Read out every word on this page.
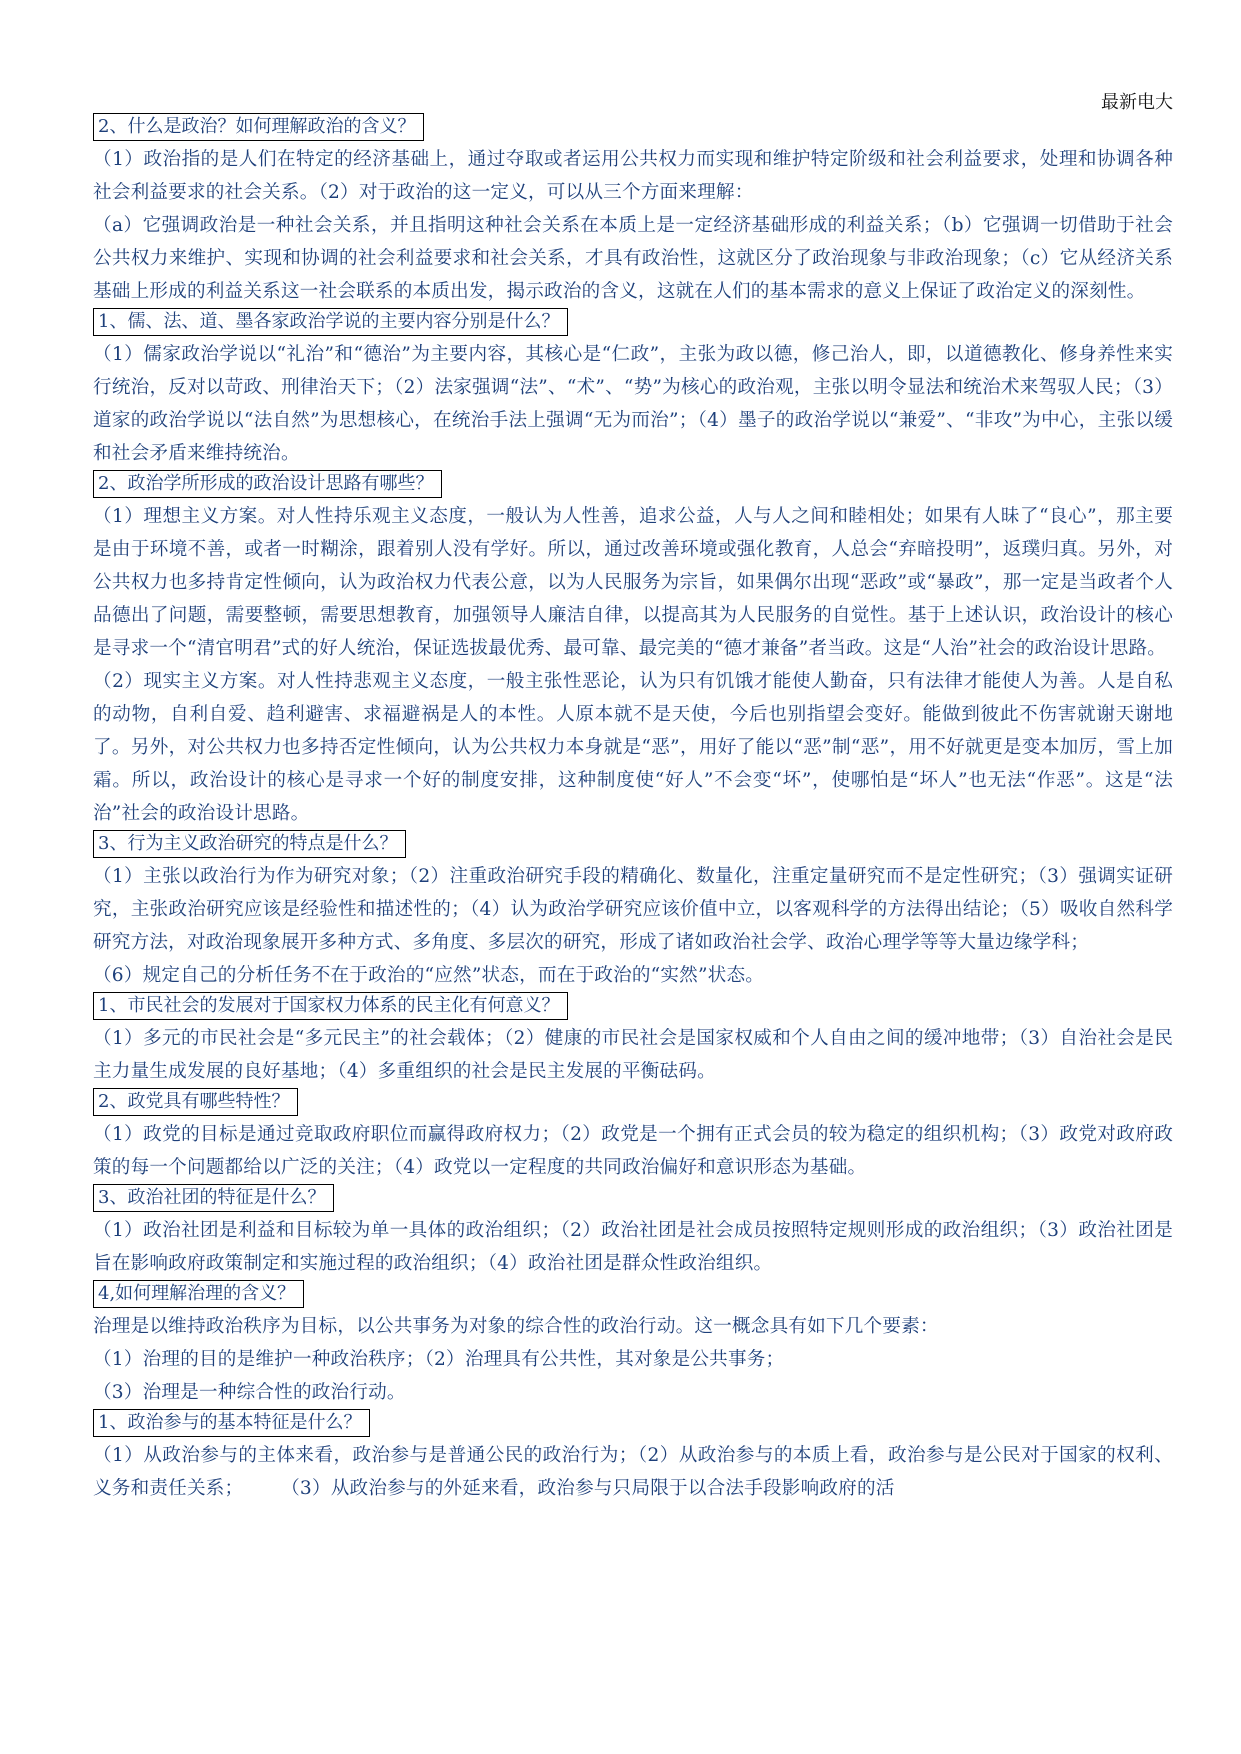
最新电大
2、什么是政治？如何理解政治的含义？

（1）政治指的是人们在特定的经济基础上，通过夺取或者运用公共权力而实现和维护特定阶级和社会利益要求，处理和协调各种社会利益要求的社会关系。（2）对于政治的这一定义，可以从三个方面来理解：

（a）它强调政治是一种社会关系，并且指明这种社会关系在本质上是一定经济基础形成的利益关系；（b）它强调一切借助于社会公共权力来维护、实现和协调的社会利益要求和社会关系，才具有政治性，这就区分了政治现象与非政治现象；（c）它从经济关系基础上形成的利益关系这一社会联系的本质出发，揭示政治的含义，这就在人们的基本需求的意义上保证了政治定义的深刻性。

1、儒、法、道、墨各家政治学说的主要内容分别是什么？

（1）儒家政治学说以“礼治”和“德治”为主要内容，其核心是“仁政”，主张为政以德，修己治人，即，以道德教化、修身养性来实行统治，反对以苛政、刑律治天下；（2）法家强调“法”、“术”、“势”为核心的政治观，主张以明令显法和统治术来驾驭人民；（3）道家的政治学说以“法自然”为思想核心，在统治手法上强调“无为而治”；（4）墨子的政治学说以“兼爱”、“非攻”为中心，主张以缓和社会矛盾来维持统治。

2、政治学所形成的政治设计思路有哪些？

（1）理想主义方案。对人性持乐观主义态度，一般认为人性善，追求公益，人与人之间和睦相处；如果有人昧了“良心”，那主要是由于环境不善，或者一时糊涂，跟着别人没有学好。所以，通过改善环境或强化教育，人总会“弃暗投明”，返璞归真。另外，对公共权力也多持肯定性倾向，认为政治权力代表公意，以为人民服务为宗旨，如果偶尔出现“恶政”或“暴政”，那一定是当政者个人品德出了问题，需要整顿，需要思想教育，加强领导人廉洁自律，以提高其为人民服务的自觉性。基于上述认识，政治设计的核心是寻求一个“清官明君”式的好人统治，保证选拔最优秀、最可靠、最完美的“德才兼备”者当政。这是“人治”社会的政治设计思路。

（2）现实主义方案。对人性持悲观主义态度，一般主张性恶论，认为只有饥饿才能使人勤奋，只有法律才能使人为善。人是自私的动物，自利自爱、趋利避害、求福避祸是人的本性。人原本就不是天使，今后也别指望会变好。能做到彼此不伤害就谢天谢地了。另外，对公共权力也多持否定性倾向，认为公共权力本身就是“恶”，用好了能以“恶”制“恶”，用不好就更是变本加厉，雪上加霜。所以，政治设计的核心是寻求一个好的制度安排，这种制度使“好人”不会变“坏”，使哪怕是“坏人”也无法“作恶”。这是“法治”社会的政治设计思路。

3、行为主义政治研究的特点是什么？

（1）主张以政治行为作为研究对象；（2）注重政治研究手段的精确化、数量化，注重定量研究而不是定性研究；（3）强调实证研究，主张政治研究应该是经验性和描述性的；（4）认为政治学研究应该价值中立，以客观科学的方法得出结论；（5）吸收自然科学研究方法，对政治现象展开多种方式、多角度、多层次的研究，形成了诸如政治社会学、政治心理学等等大量边缘学科；

（6）规定自己的分析任务不在于政治的“应然”状态，而在于政治的“实然”状态。

1、市民社会的发展对于国家权力体系的民主化有何意义？

（1）多元的市民社会是“多元民主”的社会载体；（2）健康的市民社会是国家权威和个人自由之间的缓冲地带；（3）自治社会是民主力量生成发展的良好基地；（4）多重组织的社会是民主发展的平衡砝码。

2、政党具有哪些特性？

（1）政党的目标是通过竞取政府职位而赢得政府权力；（2）政党是一个拥有正式会员的较为稳定的组织机构；（3）政党对政府政策的每一个问题都给以广泛的关注；（4）政党以一定程度的共同政治偏好和意识形态为基础。

3、政治社团的特征是什么？

（1）政治社团是利益和目标较为单一具体的政治组织；（2）政治社团是社会成员按照特定规则形成的政治组织；（3）政治社团是旨在影响政府政策制定和实施过程的政治组织；（4）政治社团是群众性政治组织。

4,如何理解治理的含义？

治理是以维持政治秩序为目标，以公共事务为对象的综合性的政治行动。这一概念具有如下几个要素：

（1）治理的目的是维护一种政治秩序；（2）治理具有公共性，其对象是公共事务；

（3）治理是一种综合性的政治行动。

1、政治参与的基本特征是什么？

（1）从政治参与的主体来看，政治参与是普通公民的政治行为；（2）从政治参与的本质上看，政治参与是公民对于国家的权利、义务和责任关系；　　　（3）从政治参与的外延来看，政治参与只局限于以合法手段影响政府的活
